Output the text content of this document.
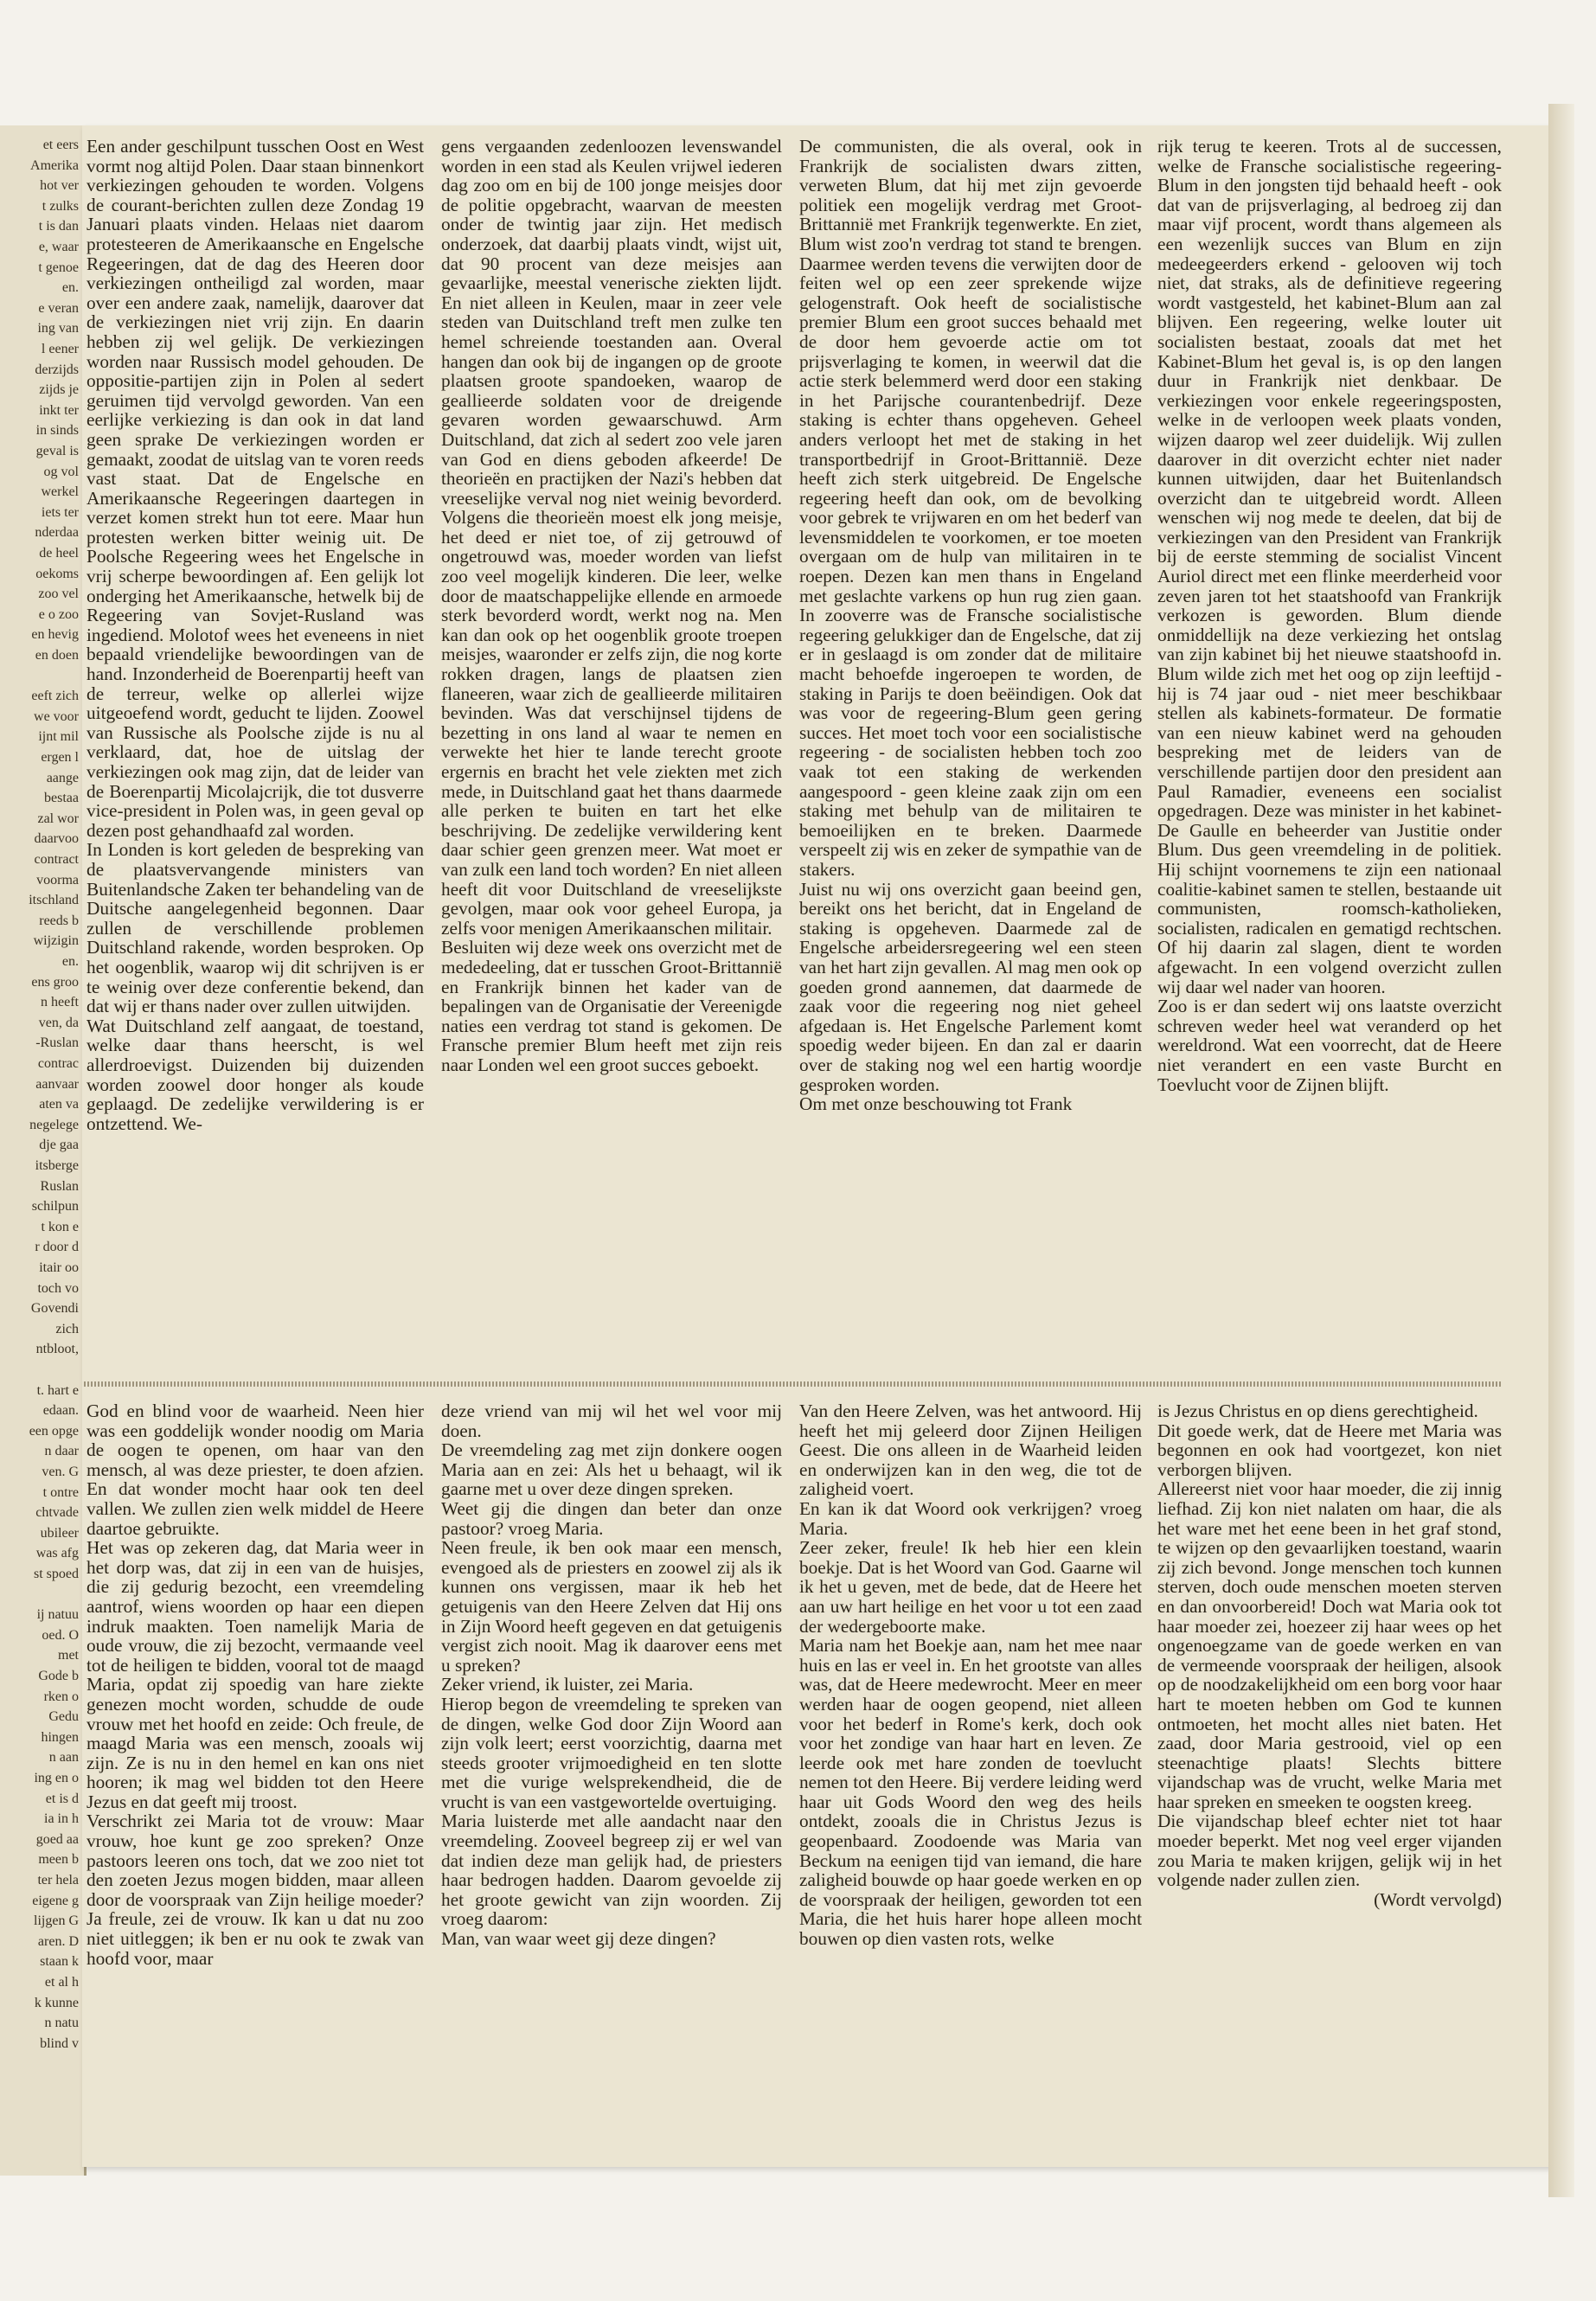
et eers
Amerika
hot ver
t zulks
t is dan
e, waar
t genoe
en.
e veran
ing van
l eener
derzijds
zijds je
inkt ter
in sinds
geval is
og vol
werkel
iets ter
nderdaa
de heel
oekoms
zoo vel
e o zoo
en hevig
en doen
eeft zich
we voor
ijnt mil
ergen l
aange
bestaa
zal wor
daarvoo
contract
voorma
itschland
reeds b
wijzigin
en.
ens groo
n heeft
ven, da
-Ruslan
contrac
aanvaar
aten va
negelege
dje gaa
itsberge
Ruslan
schilpun
t kon e
r door d
itair oo
toch vo
Govendi
zich
ntbloot,
t. hart e
edaan.
een opge
n daar
ven. G
t ontre
chtvade
ubileer
was afg
st spoed
ij natuu
oed. O
met
Gode b
rken o
Gedu
hingen
n aan
ing en o
et is d
ia in h
goed aa
meen b
ter hela
eigene g
lijgen G
aren. D
staan k
et al h
k kunne
n natu
blind v

Een ander geschilpunt tusschen Oost en West vormt nog altijd Polen. Daar staan binnenkort verkiezingen gehouden te worden. Volgens de courant-berichten zullen deze Zondag 19 Januari plaats vinden. Helaas niet daarom protesteeren de Amerikaansche en Engelsche Regeeringen, dat de dag des Heeren door verkiezingen ontheiligd zal worden, maar over een andere zaak, namelijk, daarover dat de verkiezingen niet vrij zijn. En daarin hebben zij wel gelijk. De verkiezingen worden naar Russisch model gehouden. De oppositie-partijen zijn in Polen al sedert geruimen tijd vervolgd geworden. Van een eerlijke verkiezing is dan ook in dat land geen sprake De verkiezingen worden er gemaakt, zoodat de uitslag van te voren reeds vast staat. Dat de Engelsche en Amerikaansche Regeeringen daartegen in verzet komen strekt hun tot eere. Maar hun protesten werken bitter weinig uit. De Poolsche Regeering wees het Engelsche in vrij scherpe bewoordingen af. Een gelijk lot onderging het Amerikaansche, hetwelk bij de Regeering van Sovjet-Rusland was ingediend. Molotof wees het eveneens in niet bepaald vriendelijke bewoordingen van de hand. Inzonderheid de Boerenpartij heeft van de terreur, welke op allerlei wijze uitgeoefend wordt, geducht te lijden. Zoowel van Russische als Poolsche zijde is nu al verklaard, dat, hoe de uitslag der verkiezingen ook mag zijn, dat de leider van de Boerenpartij Micolajcrijk, die tot dusverre vice-president in Polen was, in geen geval op dezen post gehandhaafd zal worden.

In Londen is kort geleden de bespreking van de plaatsvervangende ministers van Buitenlandsche Zaken ter behandeling van de Duitsche aangelegenheid begonnen. Daar zullen de verschillende problemen Duitschland rakende, worden besproken. Op het oogenblik, waarop wij dit schrijven is er te weinig over deze conferentie bekend, dan dat wij er thans nader over zullen uitwijden.

Wat Duitschland zelf aangaat, de toestand, welke daar thans heerscht, is wel allerdroevigst. Duizenden bij duizenden worden zoowel door honger als koude geplaagd. De zedelijke verwildering is er ontzettend. We-

gens vergaanden zedenloozen levenswandel worden in een stad als Keulen vrijwel iederen dag zoo om en bij de 100 jonge meisjes door de politie opgebracht, waarvan de meesten onder de twintig jaar zijn. Het medisch onderzoek, dat daarbij plaats vindt, wijst uit, dat 90 procent van deze meisjes aan gevaarlijke, meestal venerische ziekten lijdt. En niet alleen in Keulen, maar in zeer vele steden van Duitschland treft men zulke ten hemel schreiende toestanden aan. Overal hangen dan ook bij de ingangen op de groote plaatsen groote spandoeken, waarop de geallieerde soldaten voor de dreigende gevaren worden gewaarschuwd. Arm Duitschland, dat zich al sedert zoo vele jaren van God en diens geboden afkeerde! De theorieën en practijken der Nazi's hebben dat vreeselijke verval nog niet weinig bevorderd. Volgens die theorieën moest elk jong meisje, het deed er niet toe, of zij getrouwd of ongetrouwd was, moeder worden van liefst zoo veel mogelijk kinderen. Die leer, welke door de maatschappelijke ellende en armoede sterk bevorderd wordt, werkt nog na. Men kan dan ook op het oogenblik groote troepen meisjes, waaronder er zelfs zijn, die nog korte rokken dragen, langs de plaatsen zien flaneeren, waar zich de geallieerde militairen bevinden. Was dat verschijnsel tijdens de bezetting in ons land al waar te nemen en verwekte het hier te lande terecht groote ergernis en bracht het vele ziekten met zich mede, in Duitschland gaat het thans daarmede alle perken te buiten en tart het elke beschrijving. De zedelijke verwildering kent daar schier geen grenzen meer. Wat moet er van zulk een land toch worden? En niet alleen heeft dit voor Duitschland de vreeselijkste gevolgen, maar ook voor geheel Europa, ja zelfs voor menigen Amerikaanschen militair.

Besluiten wij deze week ons overzicht met de mededeeling, dat er tusschen Groot-Brittannië en Frankrijk binnen het kader van de bepalingen van de Organisatie der Vereenigde naties een verdrag tot stand is gekomen. De Fransche premier Blum heeft met zijn reis naar Londen wel een groot succes geboekt.

De communisten, die als overal, ook in Frankrijk de socialisten dwars zitten, verweten Blum, dat hij met zijn gevoerde politiek een mogelijk verdrag met Groot-Brittannië met Frankrijk tegenwerkte. En ziet, Blum wist zoo'n verdrag tot stand te brengen. Daarmee werden tevens die verwijten door de feiten wel op een zeer sprekende wijze gelogenstraft. Ook heeft de socialistische premier Blum een groot succes behaald met de door hem gevoerde actie om tot prijsverlaging te komen, in weerwil dat die actie sterk belemmerd werd door een staking in het Parijsche courantenbedrijf. Deze staking is echter thans opgeheven. Geheel anders verloopt het met de staking in het transportbedrijf in Groot-Brittannië. Deze heeft zich sterk uitgebreid. De Engelsche regeering heeft dan ook, om de bevolking voor gebrek te vrijwaren en om het bederf van levensmiddelen te voorkomen, er toe moeten overgaan om de hulp van militairen in te roepen. Dezen kan men thans in Engeland met geslachte varkens op hun rug zien gaan. In zooverre was de Fransche socialistische regeering gelukkiger dan de Engelsche, dat zij er in geslaagd is om zonder dat de militaire macht behoefde ingeroepen te worden, de staking in Parijs te doen beëindigen. Ook dat was voor de regeering-Blum geen gering succes. Het moet toch voor een socialistische regeering - de socialisten hebben toch zoo vaak tot een staking de werkenden aangespoord - geen kleine zaak zijn om een staking met behulp van de militairen te bemoeilijken en te breken. Daarmede verspeelt zij wis en zeker de sympathie van de stakers.

Juist nu wij ons overzicht gaan beeind gen, bereikt ons het bericht, dat in Engeland de staking is opgeheven. Daarmede zal de Engelsche arbeidersregeering wel een steen van het hart zijn gevallen. Al mag men ook op goeden grond aannemen, dat daarmede de zaak voor die regeering nog niet geheel afgedaan is. Het Engelsche Parlement komt spoedig weder bijeen. En dan zal er daarin over de staking nog wel een hartig woordje gesproken worden.

Om met onze beschouwing tot Frank

rijk terug te keeren. Trots al de successen, welke de Fransche socialistische regeering-Blum in den jongsten tijd behaald heeft - ook dat van de prijsverlaging, al bedroeg zij dan maar vijf procent, wordt thans algemeen als een wezenlijk succes van Blum en zijn medeegeerders erkend - gelooven wij toch niet, dat straks, als de definitieve regeering wordt vastgesteld, het kabinet-Blum aan zal blijven. Een regeering, welke louter uit socialisten bestaat, zooals dat met het Kabinet-Blum het geval is, is op den langen duur in Frankrijk niet denkbaar. De verkiezingen voor enkele regeeringsposten, welke in de verloopen week plaats vonden, wijzen daarop wel zeer duidelijk. Wij zullen daarover in dit overzicht echter niet nader kunnen uitwijden, daar het Buitenlandsch overzicht dan te uitgebreid wordt. Alleen wenschen wij nog mede te deelen, dat bij de verkiezingen van den President van Frankrijk bij de eerste stemming de socialist Vincent Auriol direct met een flinke meerderheid voor zeven jaren tot het staatshoofd van Frankrijk verkozen is geworden. Blum diende onmiddellijk na deze verkiezing het ontslag van zijn kabinet bij het nieuwe staatshoofd in. Blum wilde zich met het oog op zijn leeftijd - hij is 74 jaar oud - niet meer beschikbaar stellen als kabinets-formateur. De formatie van een nieuw kabinet werd na gehouden bespreking met de leiders van de verschillende partijen door den president aan Paul Ramadier, eveneens een socialist opgedragen. Deze was minister in het kabinet- De Gaulle en beheerder van Justitie onder Blum. Dus geen vreemdeling in de politiek. Hij schijnt voornemens te zijn een nationaal coalitie-kabinet samen te stellen, bestaande uit communisten, roomsch-katholieken, socialisten, radicalen en gematigd rechtschen. Of hij daarin zal slagen, dient te worden afgewacht. In een volgend overzicht zullen wij daar wel nader van hooren.

Zoo is er dan sedert wij ons laatste overzicht schreven weder heel wat veranderd op het wereldrond. Wat een voorrecht, dat de Heere niet verandert en een vaste Burcht en Toevlucht voor de Zijnen blijft.

God en blind voor de waarheid. Neen hier was een goddelijk wonder noodig om Maria de oogen te openen, om haar van den mensch, al was deze priester, te doen afzien. En dat wonder mocht haar ook ten deel vallen. We zullen zien welk middel de Heere daartoe gebruikte.

Het was op zekeren dag, dat Maria weer in het dorp was, dat zij in een van de huisjes, die zij gedurig bezocht, een vreemdeling aantrof, wiens woorden op haar een diepen indruk maakten. Toen namelijk Maria de oude vrouw, die zij bezocht, vermaande veel tot de heiligen te bidden, vooral tot de maagd Maria, opdat zij spoedig van hare ziekte genezen mocht worden, schudde de oude vrouw met het hoofd en zeide: Och freule, de maagd Maria was een mensch, zooals wij zijn. Ze is nu in den hemel en kan ons niet hooren; ik mag wel bidden tot den Heere Jezus en dat geeft mij troost.

Verschrikt zei Maria tot de vrouw: Maar vrouw, hoe kunt ge zoo spreken? Onze pastoors leeren ons toch, dat we zoo niet tot den zoeten Jezus mogen bidden, maar alleen door de voorspraak van Zijn heilige moeder? Ja freule, zei de vrouw. Ik kan u dat nu zoo niet uitleggen; ik ben er nu ook te zwak van hoofd voor, maar

deze vriend van mij wil het wel voor mij doen.

De vreemdeling zag met zijn donkere oogen Maria aan en zei: Als het u behaagt, wil ik gaarne met u over deze dingen spreken.

Weet gij die dingen dan beter dan onze pastoor? vroeg Maria.

Neen freule, ik ben ook maar een mensch, evengoed als de priesters en zoowel zij als ik kunnen ons vergissen, maar ik heb het getuigenis van den Heere Zelven dat Hij ons in Zijn Woord heeft gegeven en dat getuigenis vergist zich nooit. Mag ik daarover eens met u spreken?

Zeker vriend, ik luister, zei Maria.

Hierop begon de vreemdeling te spreken van de dingen, welke God door Zijn Woord aan zijn volk leert; eerst voorzichtig, daarna met steeds grooter vrijmoedigheid en ten slotte met die vurige welsprekendheid, die de vrucht is van een vastgewortelde overtuiging.

Maria luisterde met alle aandacht naar den vreemdeling. Zooveel begreep zij er wel van dat indien deze man gelijk had, de priesters haar bedrogen hadden. Daarom gevoelde zij het groote gewicht van zijn woorden. Zij vroeg daarom:

Man, van waar weet gij deze dingen?

Van den Heere Zelven, was het antwoord. Hij heeft het mij geleerd door Zijnen Heiligen Geest. Die ons alleen in de Waarheid leiden en onderwijzen kan in den weg, die tot de zaligheid voert.

En kan ik dat Woord ook verkrijgen? vroeg Maria.

Zeer zeker, freule! Ik heb hier een klein boekje. Dat is het Woord van God. Gaarne wil ik het u geven, met de bede, dat de Heere het aan uw hart heilige en het voor u tot een zaad der wedergeboorte make.

Maria nam het Boekje aan, nam het mee naar huis en las er veel in. En het grootste van alles was, dat de Heere medewrocht. Meer en meer werden haar de oogen geopend, niet alleen voor het bederf in Rome's kerk, doch ook voor het zondige van haar hart en leven. Ze leerde ook met hare zonden de toevlucht nemen tot den Heere. Bij verdere leiding werd haar uit Gods Woord den weg des heils ontdekt, zooals die in Christus Jezus is geopenbaard. Zoodoende was Maria van Beckum na eenigen tijd van iemand, die hare zaligheid bouwde op haar goede werken en op de voorspraak der heiligen, geworden tot een Maria, die het huis harer hope alleen mocht bouwen op dien vasten rots, welke

is Jezus Christus en op diens gerechtigheid.

Dit goede werk, dat de Heere met Maria was begonnen en ook had voortgezet, kon niet verborgen blijven.

Allereerst niet voor haar moeder, die zij innig liefhad. Zij kon niet nalaten om haar, die als het ware met het eene been in het graf stond, te wijzen op den gevaarlijken toestand, waarin zij zich bevond. Jonge menschen toch kunnen sterven, doch oude menschen moeten sterven en dan onvoorbereid! Doch wat Maria ook tot haar moeder zei, hoezeer zij haar wees op het ongenoegzame van de goede werken en van de vermeende voorspraak der heiligen, alsook op de noodzakelijkheid om een borg voor haar hart te moeten hebben om God te kunnen ontmoeten, het mocht alles niet baten. Het zaad, door Maria gestrooid, viel op een steenachtige plaats! Slechts bittere vijandschap was de vrucht, welke Maria met haar spreken en smeeken te oogsten kreeg.

Die vijandschap bleef echter niet tot haar moeder beperkt. Met nog veel erger vijanden zou Maria te maken krijgen, gelijk wij in het volgende nader zullen zien.

(Wordt vervolgd)
